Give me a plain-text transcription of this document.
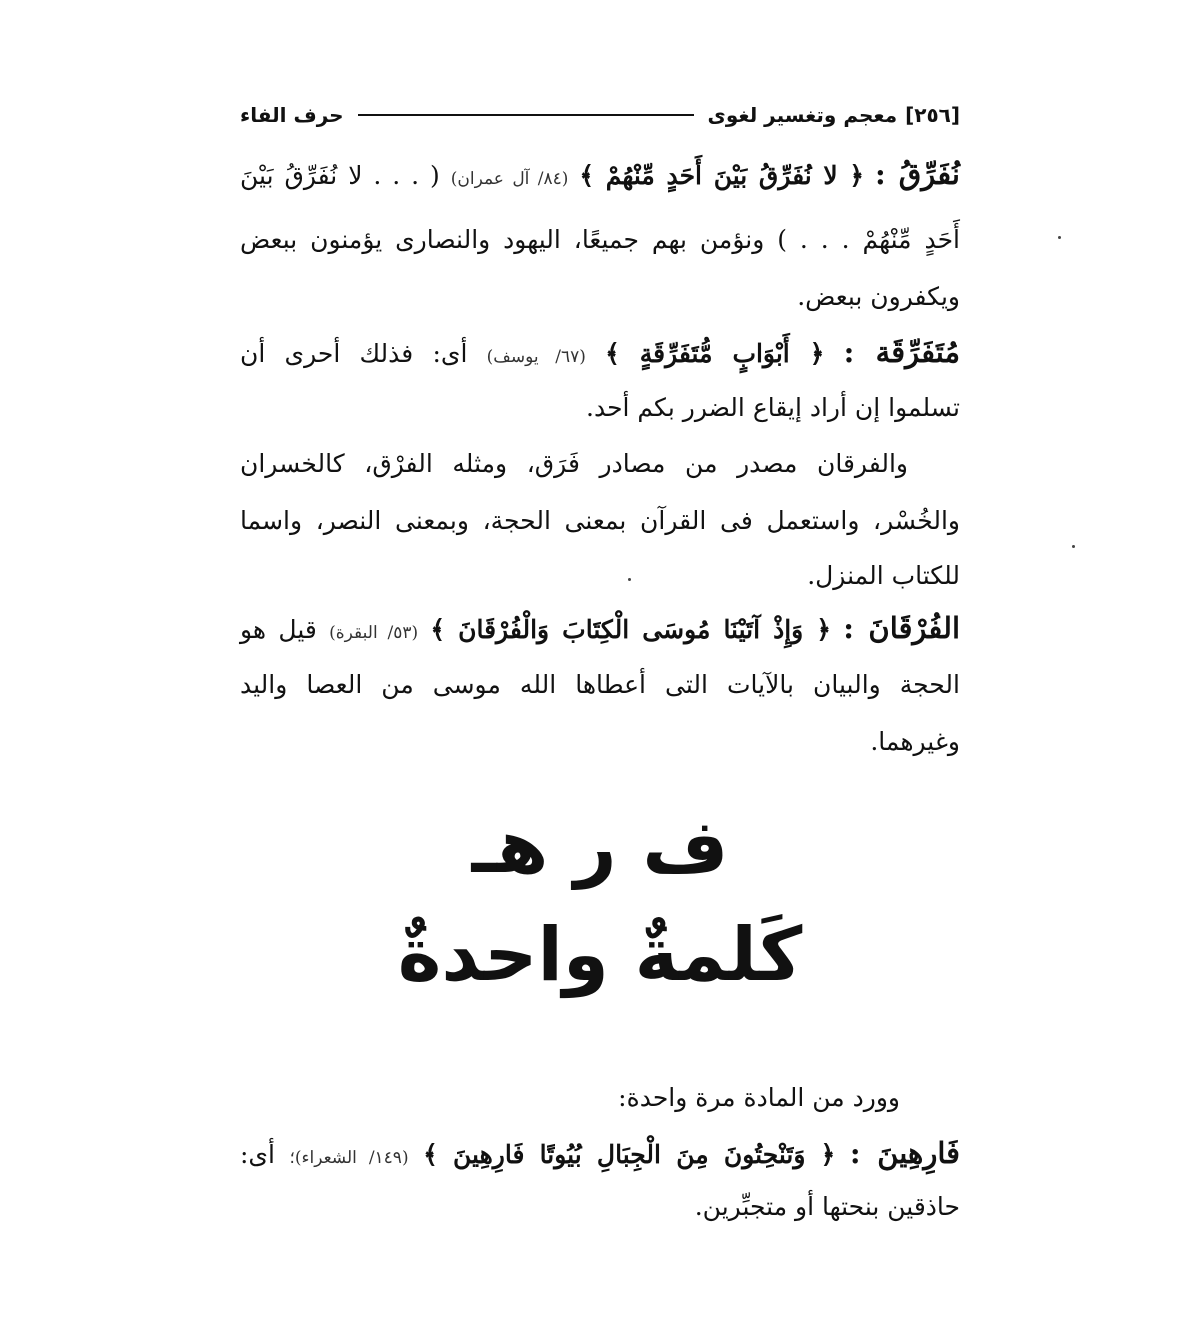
[٢٥٦]
معجم وتغسير لغوى
حرف الفاء
نُفَرِّقُ : ﴿ لا نُفَرِّقُ بَيْنَ أَحَدٍ مِّنْهُمْ ﴾ (٨٤/ آل عمران) ( . . . لا نُفَرِّقُ بَيْنَ
أَحَدٍ مِّنْهُمْ . . . ) ونؤمن بهم جميعًا، اليهود والنصارى يؤمنون ببعض
ويكفرون ببعض.
مُتَفَرِّقَة : ﴿ أَبْوَابٍ مُّتَفَرِّقَةٍ ﴾ (٦٧/ يوسف) أى: فذلك أحرى أن
تسلموا إن أراد إيقاع الضرر بكم أحد.
والفرقان مصدر من مصادر فَرَق، ومثله الفرْق، كالخسران
والخُسْر، واستعمل فى القرآن بمعنى الحجة، وبمعنى النصر، واسما
للكتاب المنزل.
الفُرْقَانَ : ﴿ وَإِذْ آتَيْنَا مُوسَى الْكِتَابَ وَالْفُرْقَانَ ﴾ (٥٣/ البقرة) قيل هو
الحجة والبيان بالآيات التى أعطاها الله موسى من العصا واليد
وغيرهما.
ف ر هـ
كَلمةٌ واحدةٌ
وورد من المادة مرة واحدة:
فَارِهِينَ : ﴿ وَتَنْحِتُونَ مِنَ الْجِبَالِ بُيُوتًا فَارِهِينَ ﴾ (١٤٩/ الشعراء)؛ أى:
حاذقين بنحتها أو متجبِّرين.
